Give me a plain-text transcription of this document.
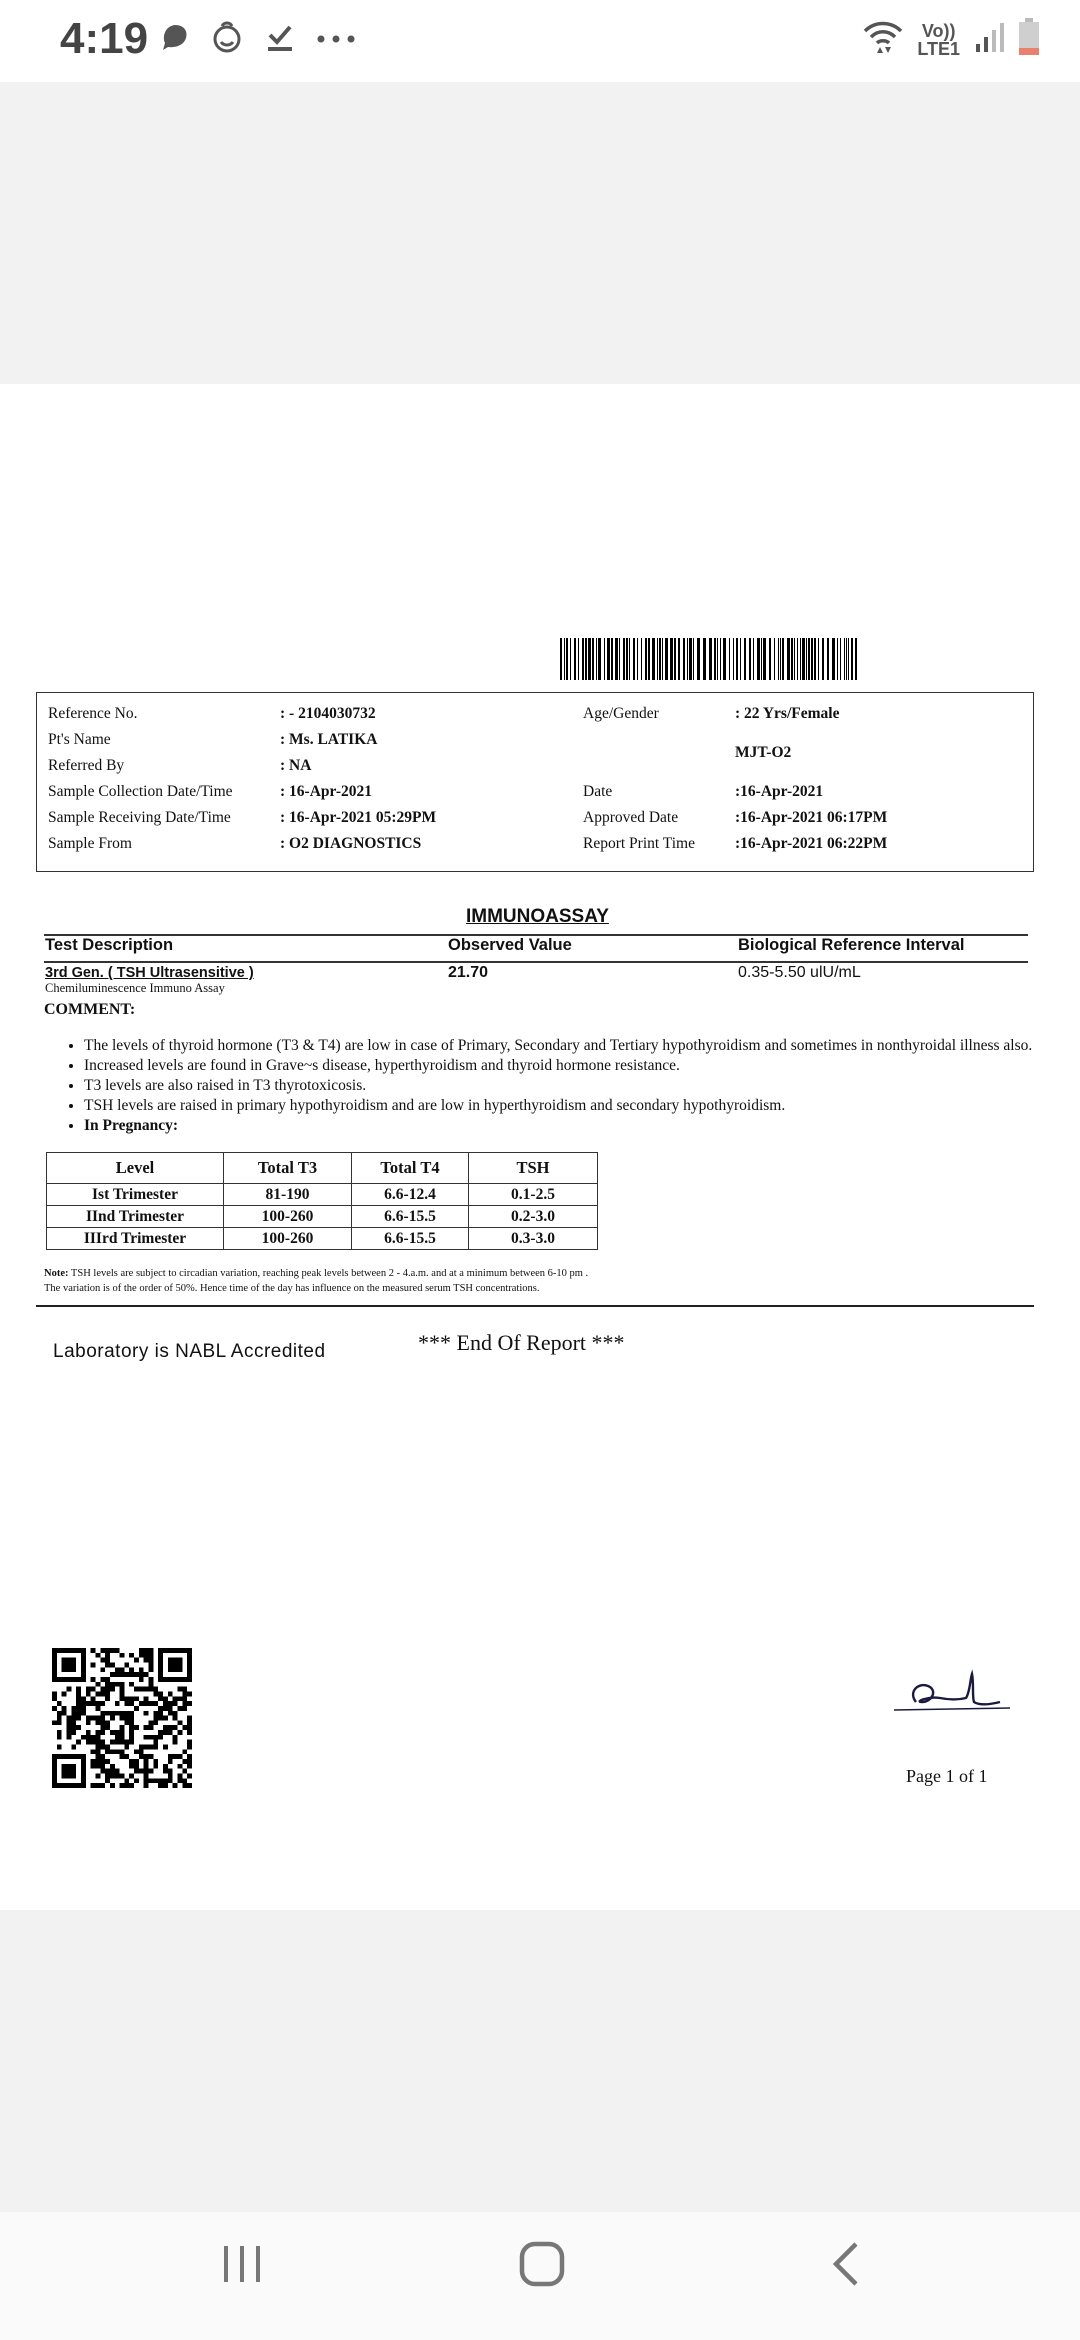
4:19	Vo))
LTE1
Reference No.	: - 2104030732
Pt's Name	: Ms. LATIKA
Referred By	: NA
Sample Collection Date/Time	: 16-Apr-2021
Sample Receiving Date/Time	: 16-Apr-2021 05:29PM
Sample From	: O2 DIAGNOSTICS
Age/Gender	: 22 Yrs/Female
MJT-O2
Date	:16-Apr-2021
Approved Date	:16-Apr-2021 06:17PM
Report Print Time	:16-Apr-2021 06:22PM
IMMUNOASSAY
Test Description	Observed Value	Biological Reference Interval
3rd Gen. ( TSH Ultrasensitive )
Chemiluminescence Immuno Assay
21.70	0.35-5.50 ulU/mL
COMMENT:
• The levels of thyroid hormone (T3 & T4) are low in case of Primary, Secondary and Tertiary hypothyroidism and sometimes in nonthyroidal illness also.
• Increased levels are found in Grave~s disease, hyperthyroidism and thyroid hormone resistance.
• T3 levels are also raised in T3 thyrotoxicosis.
• TSH levels are raised in primary hypothyroidism and are low in hyperthyroidism and secondary hypothyroidism.
• In Pregnancy:
Level	Total T3	Total T4	TSH
Ist Trimester	81-190	6.6-12.4	0.1-2.5
IInd Trimester	100-260	6.6-15.5	0.2-3.0
IIIrd Trimester	100-260	6.6-15.5	0.3-3.0
Note: TSH levels are subject to circadian variation, reaching peak levels between 2 - 4.a.m. and at a minimum between 6-10 pm .
The variation is of the order of 50%. Hence time of the day has influence on the measured serum TSH concentrations.
Laboratory is NABL Accredited	*** End Of Report ***
Page 1 of 1
